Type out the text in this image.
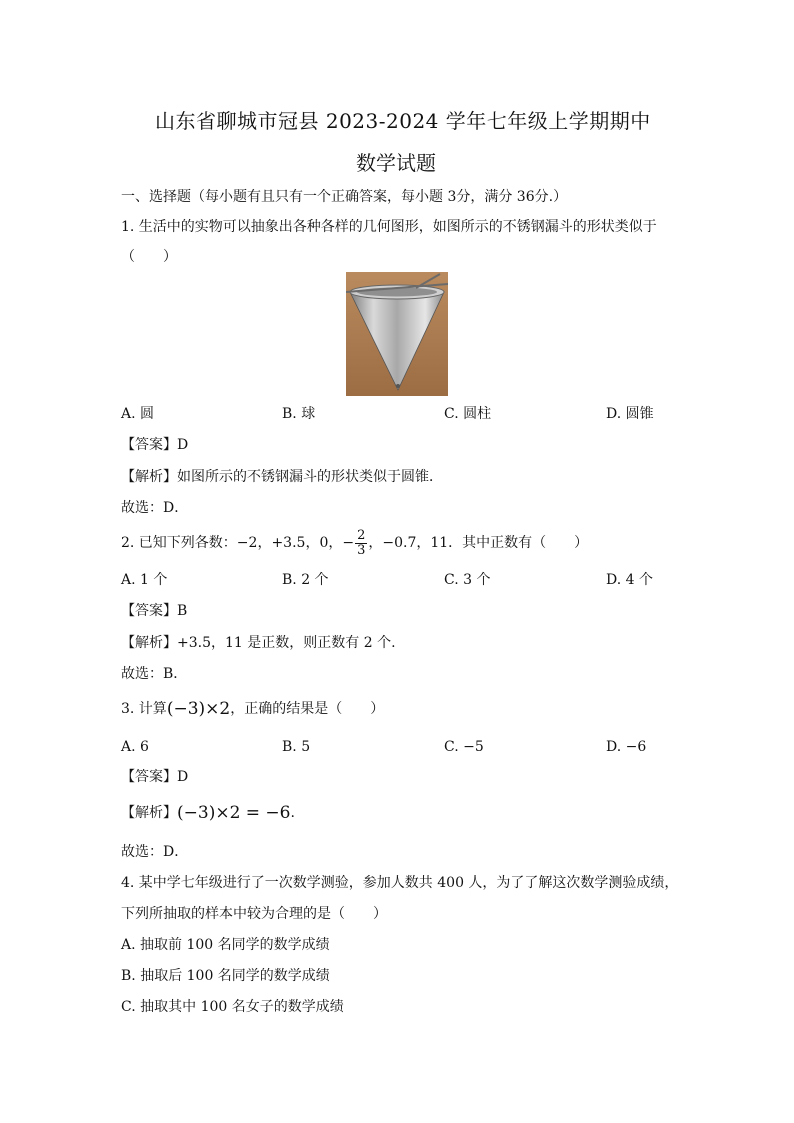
山东省聊城市冠县 2023-2024 学年七年级上学期期中
数学试题
一、选择题（每小题有且只有一个正确答案，每小题 3分，满分 36分.）
1. 生活中的实物可以抽象出各种各样的几何图形，如图所示的不锈钢漏斗的形状类似于
（　　）
A. 圆	B. 球	C. 圆柱	D. 圆锥
【答案】D
【解析】如图所示的不锈钢漏斗的形状类似于圆锥．
故选：D．
2. 已知下列各数：−2，+3.5，0，− $\frac{2}{3}$ ，−0.7，11．其中正数有（　　）
A. 1 个	B. 2 个	C. 3 个	D. 4 个
【答案】B
【解析】+3.5，11 是正数，则正数有 2 个.
故选：B．
3. 计算 (−3)×2 ，正确的结果是（　　）
A. 6	B. 5	C. −5	D. −6
【答案】D
【解析】 (−3)×2 = −6 .
故选：D．
4. 某中学七年级进行了一次数学测验，参加人数共 400 人，为了了解这次数学测验成绩，
下列所抽取的样本中较为合理的是（　　）
A. 抽取前 100 名同学的数学成绩
B. 抽取后 100 名同学的数学成绩
C. 抽取其中 100 名女子的数学成绩
